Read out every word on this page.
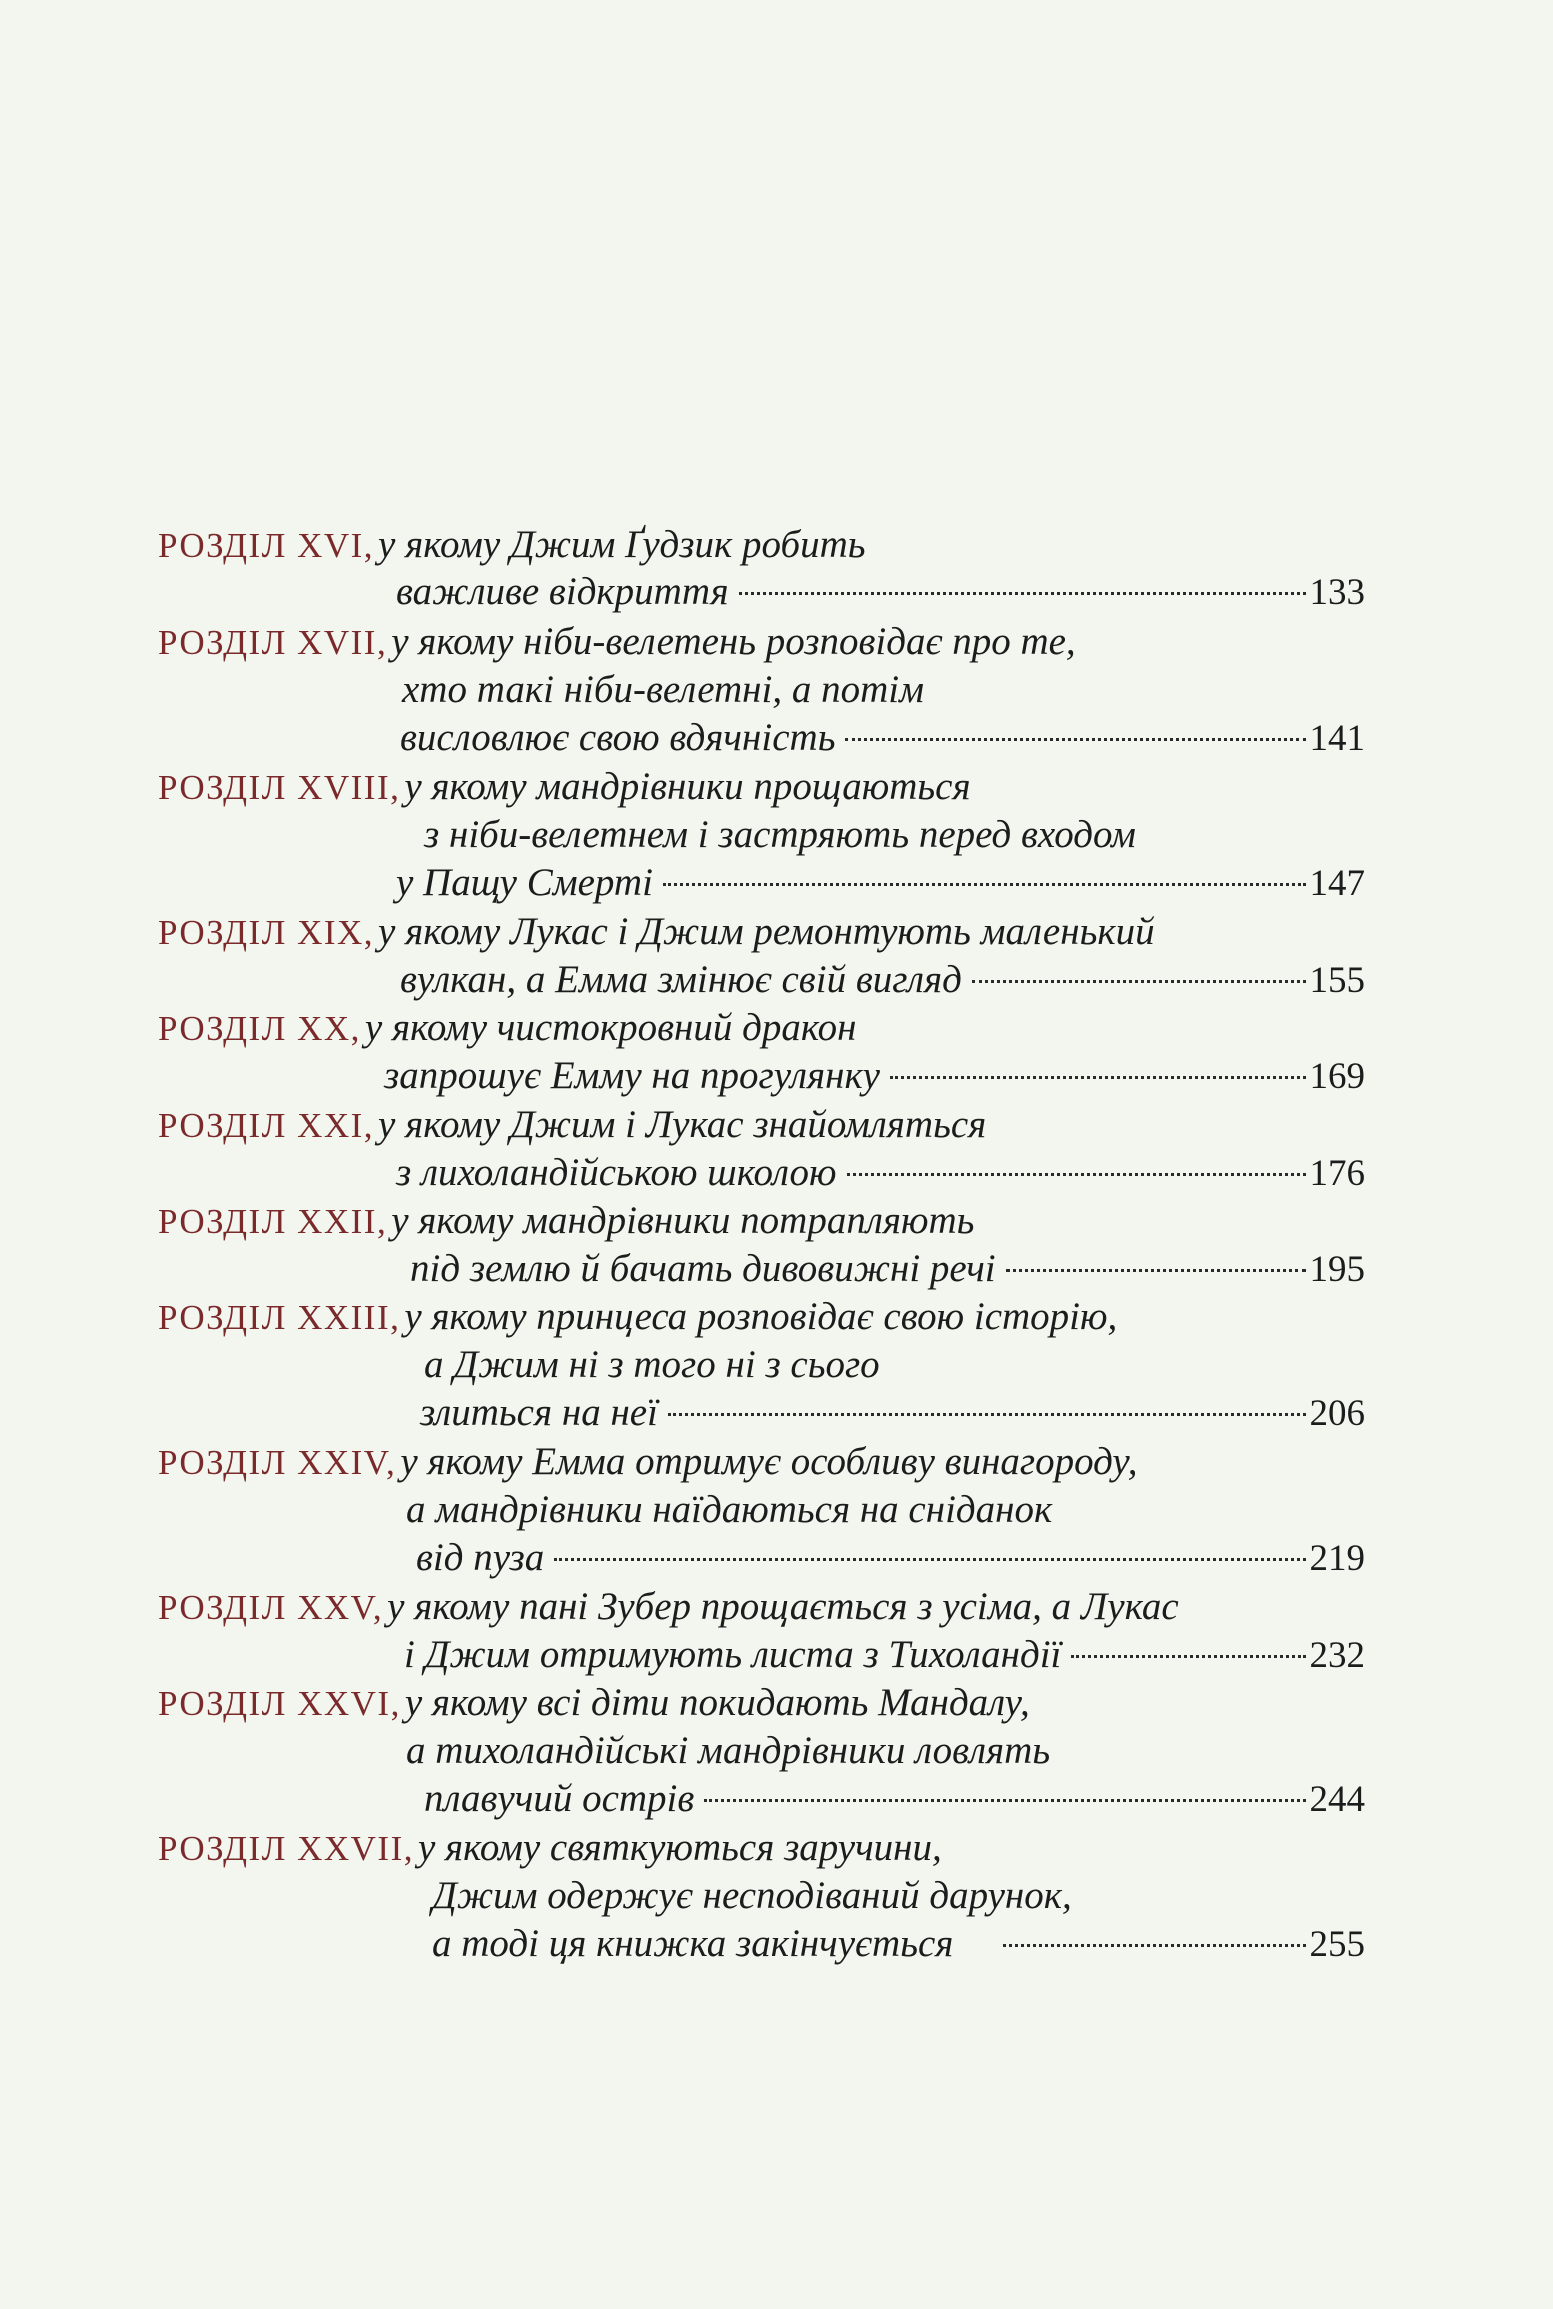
РОЗДІЛ XVI, у якому Джим Ґудзик робить
важливе відкриття	133
РОЗДІЛ XVII, у якому ніби-велетень розповідає про те,
хто такі ніби-велетні, а потім
висловлює свою вдячність	141
РОЗДІЛ XVIII, у якому мандрівники прощаються
з ніби-велетнем і застряють перед входом
у Пащу Смерті	147
РОЗДІЛ XIX, у якому Лукас і Джим ремонтують маленький
вулкан, а Емма змінює свій вигляд	155
РОЗДІЛ XX, у якому чистокровний дракон
запрошує Емму на прогулянку	169
РОЗДІЛ XXI, у якому Джим і Лукас знайомляться
з лихоландійською школою	176
РОЗДІЛ XXII, у якому мандрівники потрапляють
під землю й бачать дивовижні речі	195
РОЗДІЛ XXIII, у якому принцеса розповідає свою історію,
а Джим ні з того ні з сього
злиться на неї	206
РОЗДІЛ XXIV, у якому Емма отримує особливу винагороду,
а мандрівники наїдаються на сніданок
від пуза	219
РОЗДІЛ XXV, у якому пані Зубер прощається з усіма, а Лукас
і Джим отримують листа з Тихоландії	232
РОЗДІЛ XXVI, у якому всі діти покидають Мандалу,
а тихоландійські мандрівники ловлять
плавучий острів	244
РОЗДІЛ XXVII, у якому святкуються заручини,
Джим одержує несподіваний дарунок,
а тоді ця книжка закінчується	255
